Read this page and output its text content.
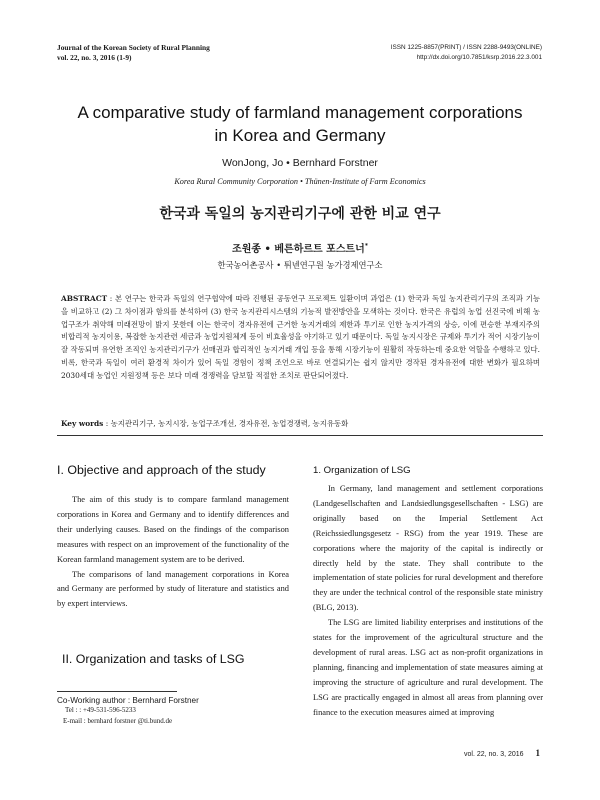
Journal of the Korean Society of Rural Planning
vol. 22, no. 3, 2016 (1-9)
ISSN 1225-8857(PRINT) / ISSN 2288-9493(ONLINE)
http://dx.doi.org/10.7851/ksrp.2016.22.3.001
A comparative study of farmland management corporations
in Korea and Germany
WonJong, Jo • Bernhard Forstner
Korea Rural Community Corporation • Thünen-Institute of Farm Economics
한국과 독일의 농지관리기구에 관한 비교 연구
조원종 • 베른하르트 포스트너*
한국농어촌공사 • 튀넨연구원 농가경제연구소
ABSTRACT : 본 연구는 한국과 독일의 연구협약에 따라 진행된 공동연구 프로젝트 일환이며 과업은 (1) 한국과 독일 농지관리기구의 조직과 기능을 비교하고 (2) 그 차이점과 함의를 분석하여 (3) 한국 농지관리시스템의 기능적 발전방안을 모색하는 것이다. 한국은 유럽의 농업 선진국에 비해 농업구조가 취약해 미래전망이 밝지 못한데 이는 한국이 경자유전에 근거한 농지거래의 제한과 투기로 인한 농지가격의 상승, 이에 편승한 부재지주의 비합리적 농지이용, 복잡한 농지관련 세금과 농업지원체계 등이 비효율성을 야기하고 있기 때문이다. 독일 농지시장은 규제와 투기가 적어 시장기능이 잘 작동되며 유연한 조직인 농지관리기구가 선매권과 합리적인 농지거래 개입 등을 통해 시장기능이 원활히 작동하는데 중요한 역할을 수행하고 있다. 비록, 한국과 독일이 여러 환경적 차이가 있어 독일 경험이 정책 조언으로 바로 연결되기는 쉽지 않지만 경작된 경자유전에 대한 변화가 필요하며 2030세대 농업인 지원정책 등은 보다 미래 경쟁력을 담보할 적절한 조치로 판단되어졌다.
Key words : 농지관리기구, 농지시장, 농업구조개선, 경자유전, 농업경쟁력, 농지유동화
I. Objective and approach of the study

The aim of this study is to compare farmland management corporations in Korea and Germany and to identify differences and their underlying causes. Based on the findings of the comparison measures with respect on an improvement of the functionality of the Korean farmland management system are to be derived.

The comparisons of land management corporations in Korea and Germany are performed by study of literature and statistics and by expert interviews.

II. Organization and tasks of LSG
Co-Working author : Bernhard Forstner
Tel : : +49-531-596-5233
E-mail : bernhard forstner @ti.bund.de
1. Organization of LSG

In Germany, land management and settlement corporations (Landgesellschaften and Landsiedlungsgesellschaften - LSG) are originally based on the Imperial Settlement Act (Reichssiedlungsgesetz - RSG) from the year 1919. These are corporations where the majority of the capital is indirectly or directly held by the state. They shall contribute to the implementation of state policies for rural development and therefore they are under the technical control of the responsible state ministry (BLG, 2013).

The LSG are limited liability enterprises and institutions of the states for the improvement of the agricultural structure and the development of rural areas. LSG act as non-profit organizations in planning, financing and implementation of state measures aiming at improving the structure of agriculture and rural development. The LSG are practically engaged in almost all areas from planning over finance to the execution measures aimed at improving

vol. 22, no. 3, 2016 1
